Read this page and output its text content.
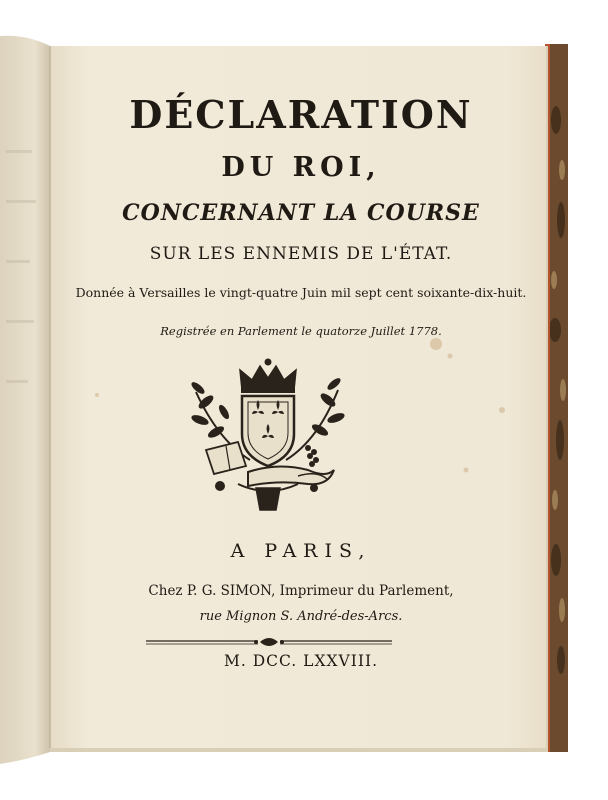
DÉCLARATION
DU ROI,
CONCERNANT LA COURSE
SUR LES ENNEMIS DE L'ÉTAT.
Donnée à Versailles le vingt-quatre Juin mil sept cent soixante-dix-huit.
Registrée en Parlement le quatorze Juillet 1778.
A PARIS,
Chez P. G. SIMON, Imprimeur du Parlement,
rue Mignon S. André-des-Arcs.
M. DCC. LXXVIII.
